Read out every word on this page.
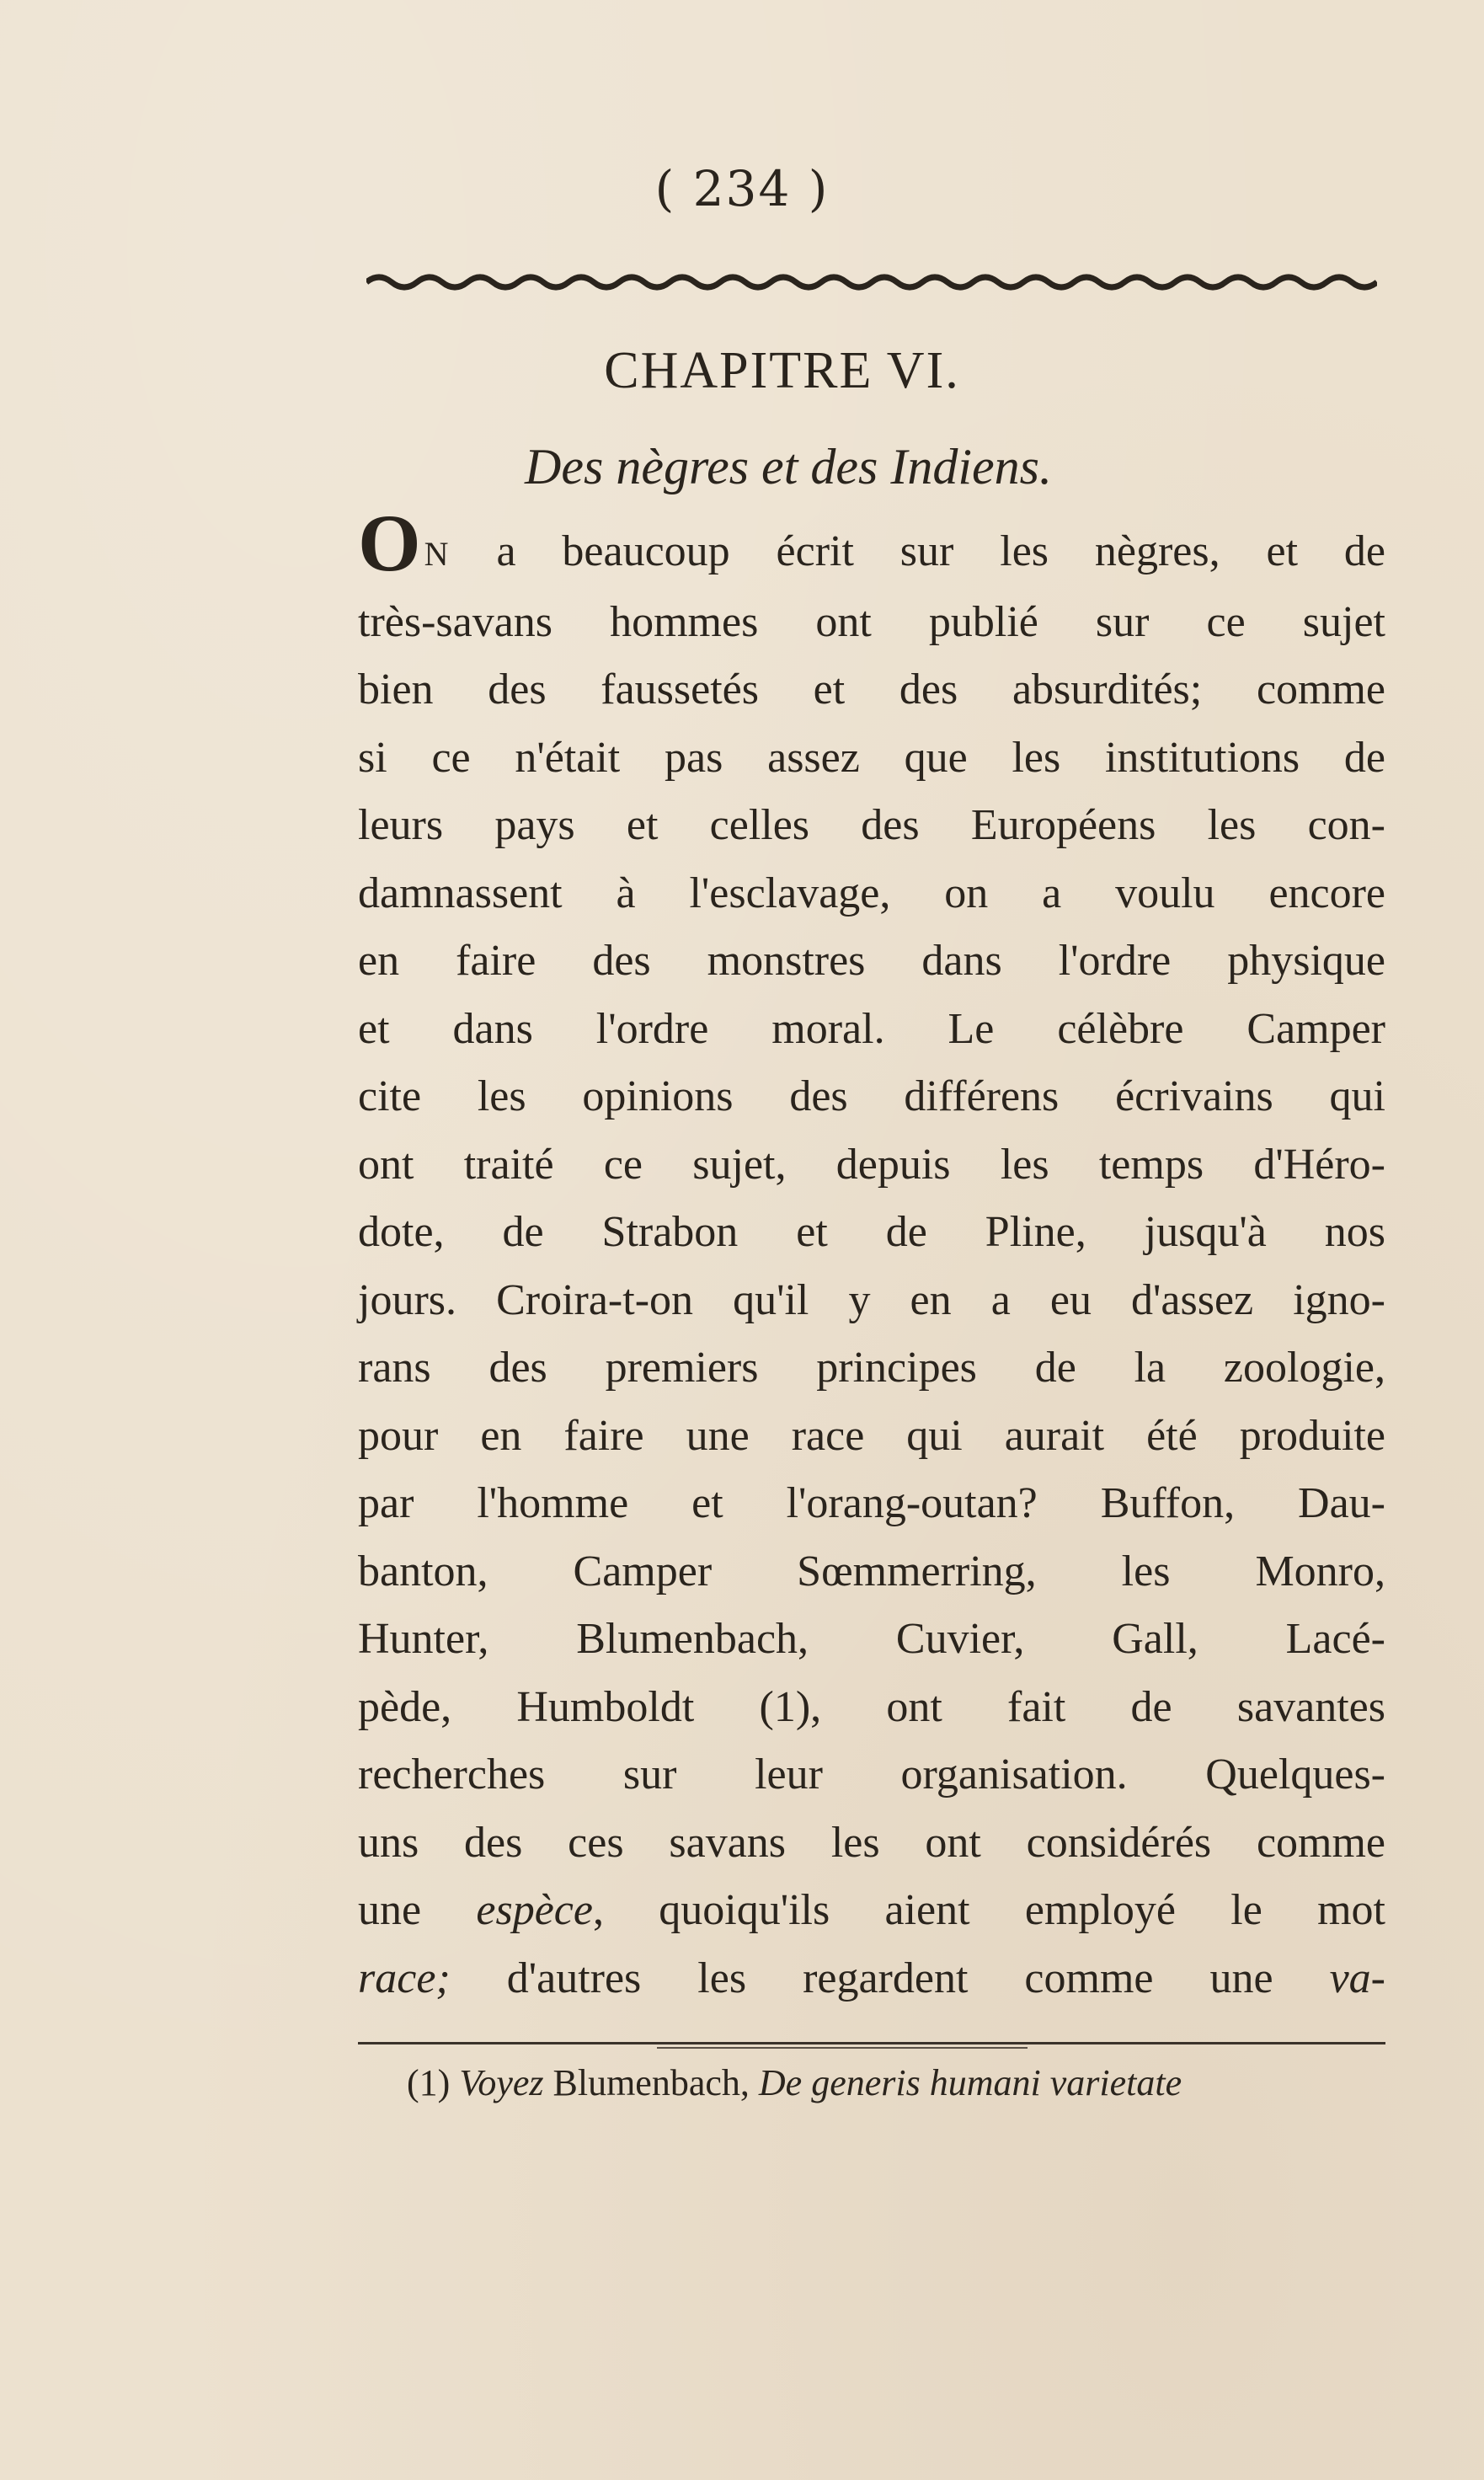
( 234 )
CHAPITRE VI.
Des nègres et des Indiens.
O N a beaucoup écrit sur les nègres, et de
très-savans hommes ont publié sur ce sujet
bien des faussetés et des absurdités; comme
si ce n'était pas assez que les institutions de
leurs pays et celles des Européens les con-
damnassent à l'esclavage, on a voulu encore
en faire des monstres dans l'ordre physique
et dans l'ordre moral. Le célèbre Camper
cite les opinions des différens écrivains qui
ont traité ce sujet, depuis les temps d'Héro-
dote, de Strabon et de Pline, jusqu'à nos
jours. Croira-t-on qu'il y en a eu d'assez igno-
rans des premiers principes de la zoologie,
pour en faire une race qui aurait été produite
par l'homme et l'orang-outan? Buffon, Dau-
banton, Camper Sœmmerring, les Monro,
Hunter, Blumenbach, Cuvier, Gall, Lacé-
pède, Humboldt (1), ont fait de savantes
recherches sur leur organisation. Quelques-
uns des ces savans les ont considérés comme
une espèce, quoiqu'ils aient employé le mot
race; d'autres les regardent comme une va-
(1) Voyez Blumenbach, De generis humani varietate
